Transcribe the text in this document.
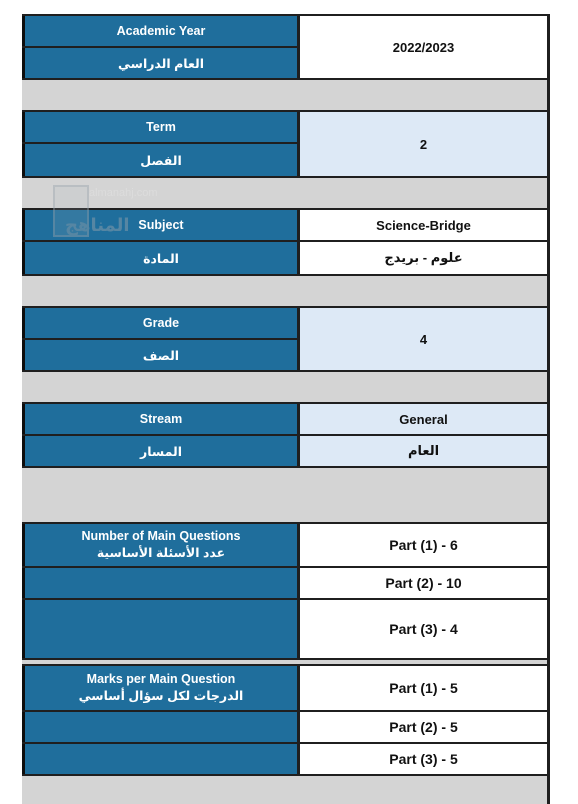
Academic Year
العام الدراسي
2022/2023
Term
الفصل
2
Subject
المادة
Science-Bridge
علوم - بريدج
Grade
الصف
4
Stream
المسار
General
العام
Number of Main Questions
عدد الأسئلة الأساسية	Part (1) - 6
Part (2) - 10
Part (3) - 4
Marks per Main Question
الدرجات لكل سؤال أساسي	Part (1) - 5
Part (2) - 5
Part (3) - 5
almanahj.com
المناهج
